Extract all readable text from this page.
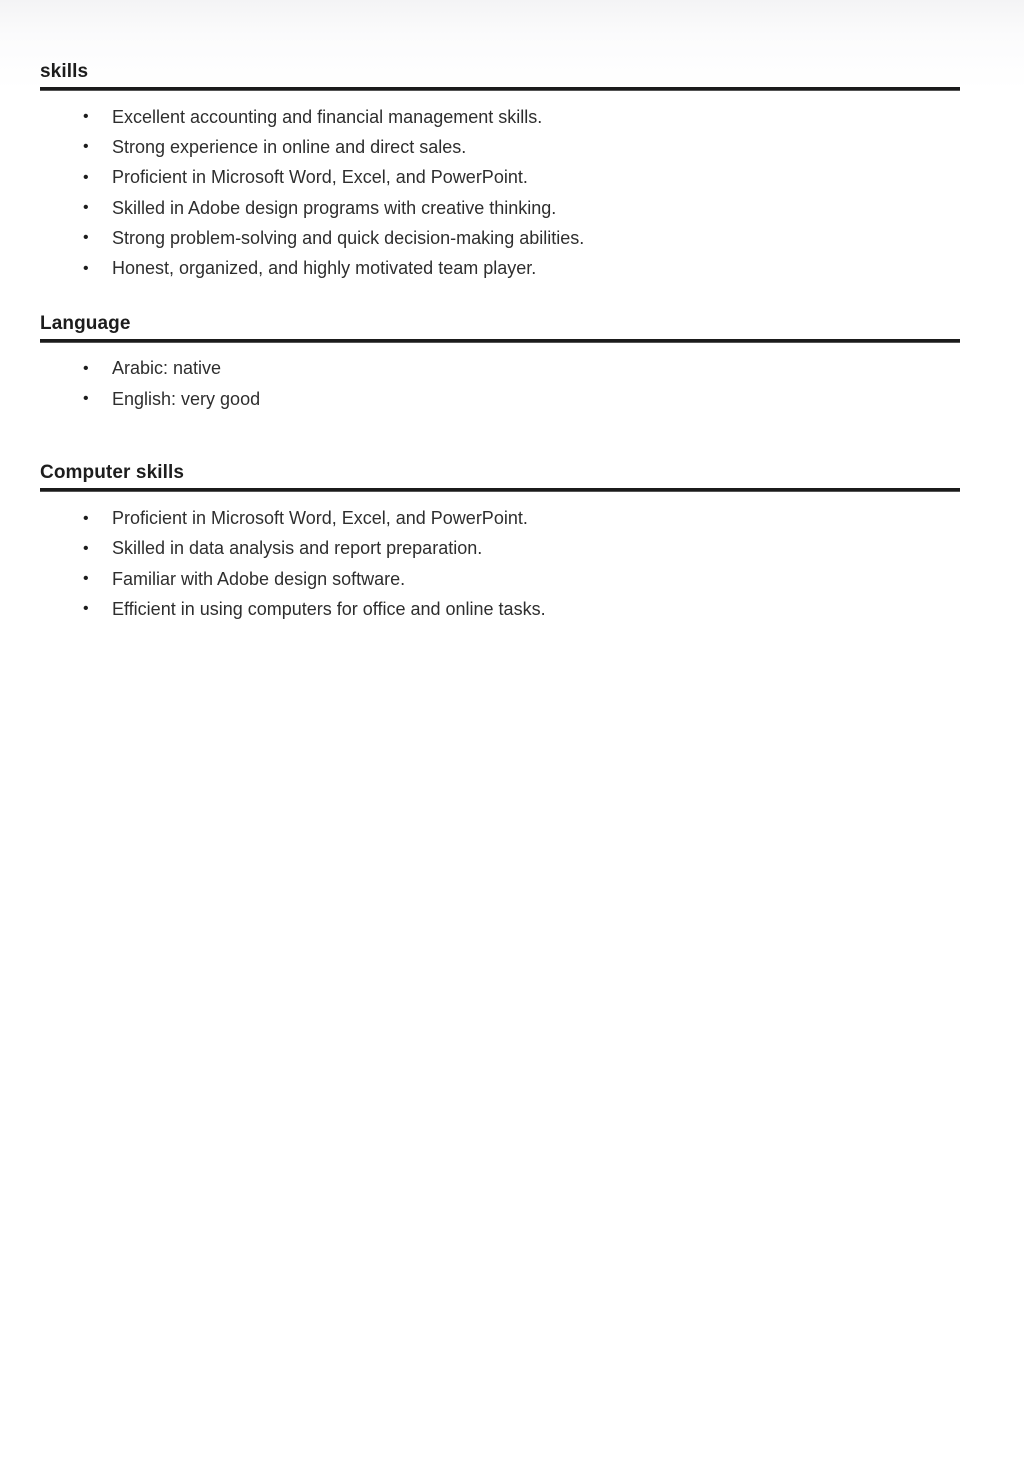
skills
•	Excellent accounting and financial management skills.
•	Strong experience in online and direct sales.
•	Proficient in Microsoft Word, Excel, and PowerPoint.
•	Skilled in Adobe design programs with creative thinking.
•	Strong problem-solving and quick decision-making abilities.
•	Honest, organized, and highly motivated team player.
Language
•	Arabic: native
•	English: very good
Computer skills
•	Proficient in Microsoft Word, Excel, and PowerPoint.
•	Skilled in data analysis and report preparation.
•	Familiar with Adobe design software.
•	Efficient in using computers for office and online tasks.
